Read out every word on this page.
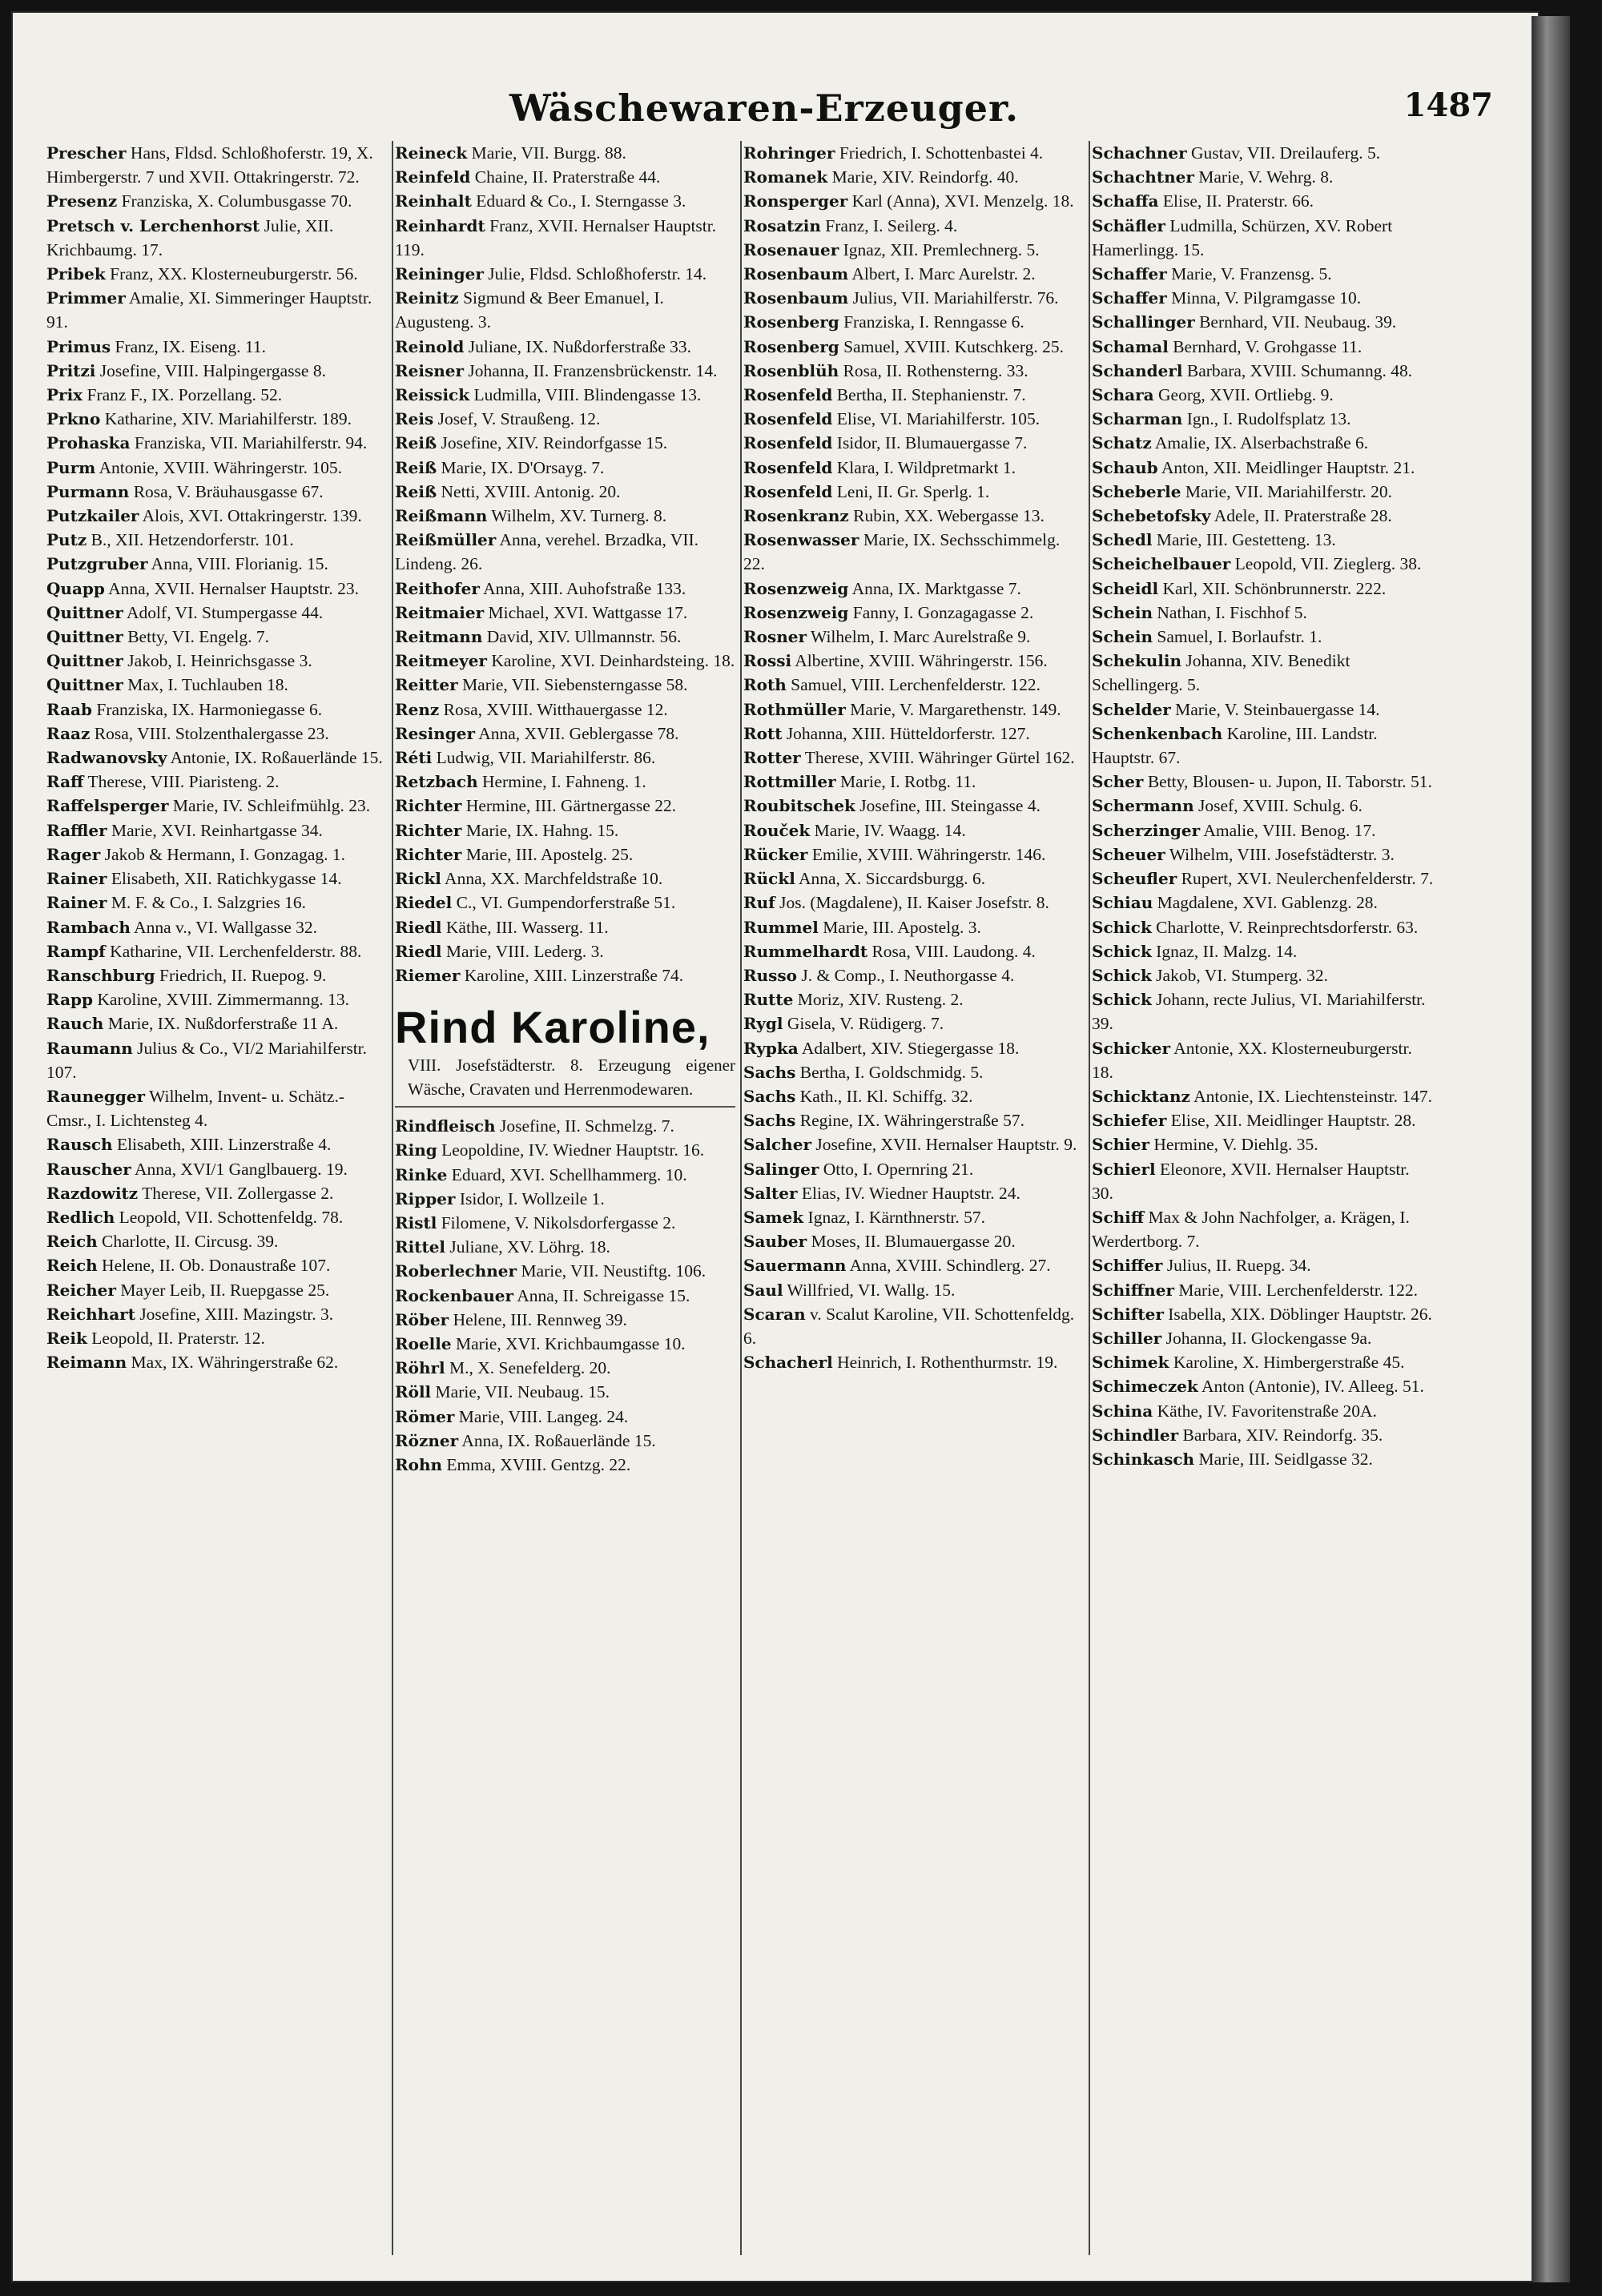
Wäschewaren-Erzeuger.	1487

Prescher Hans, Fldsd. Schloßhoferstr. 19, X. Himbergerstr. 7 und XVII. Ottakringerstr. 72.

Presenz Franziska, X. Columbusgasse 70.

Pretsch v. Lerchenhorst Julie, XII. Krichbaumg. 17.

Pribek Franz, XX. Klosterneuburgerstr. 56.

Primmer Amalie, XI. Simmeringer Hauptstr. 91.

Primus Franz, IX. Eiseng. 11.

Pritzi Josefine, VIII. Halpingergasse 8.

Prix Franz F., IX. Porzellang. 52.

Prkno Katharine, XIV. Mariahilferstr. 189.

Prohaska Franziska, VII. Mariahilferstr. 94.

Purm Antonie, XVIII. Währingerstr. 105.

Purmann Rosa, V. Bräuhausgasse 67.

Putzkailer Alois, XVI. Ottakringerstr. 139.

Putz B., XII. Hetzendorferstr. 101.

Putzgruber Anna, VIII. Florianig. 15.

Quapp Anna, XVII. Hernalser Hauptstr. 23.

Quittner Adolf, VI. Stumpergasse 44.

Quittner Betty, VI. Engelg. 7.

Quittner Jakob, I. Heinrichsgasse 3.

Quittner Max, I. Tuchlauben 18.

Raab Franziska, IX. Harmoniegasse 6.

Raaz Rosa, VIII. Stolzenthalergasse 23.

Radwanovsky Antonie, IX. Roßauerlände 15.

Raff Therese, VIII. Piaristeng. 2.

Raffelsperger Marie, IV. Schleifmühlg. 23.

Raffler Marie, XVI. Reinhartgasse 34.

Rager Jakob & Hermann, I. Gonzagag. 1.

Rainer Elisabeth, XII. Ratichkygasse 14.

Rainer M. F. & Co., I. Salzgries 16.

Rambach Anna v., VI. Wallgasse 32.

Rampf Katharine, VII. Lerchenfelderstr. 88.

Ranschburg Friedrich, II. Ruepog. 9.

Rapp Karoline, XVIII. Zimmermanng. 13.

Rauch Marie, IX. Nußdorferstraße 11 A.

Raumann Julius & Co., VI/2 Mariahilferstr. 107.

Raunegger Wilhelm, Invent- u. Schätz.-Cmsr., I. Lichtensteg 4.

Rausch Elisabeth, XIII. Linzerstraße 4.

Rauscher Anna, XVI/1 Ganglbauerg. 19.

Razdowitz Therese, VII. Zollergasse 2.

Redlich Leopold, VII. Schottenfeldg. 78.

Reich Charlotte, II. Circusg. 39.

Reich Helene, II. Ob. Donaustraße 107.

Reicher Mayer Leib, II. Ruepgasse 25.

Reichhart Josefine, XIII. Mazingstr. 3.

Reik Leopold, II. Praterstr. 12.

Reimann Max, IX. Währingerstraße 62.

Reineck Marie, VII. Burgg. 88.

Reinfeld Chaine, II. Praterstraße 44.

Reinhalt Eduard & Co., I. Sterngasse 3.

Reinhardt Franz, XVII. Hernalser Hauptstr. 119.

Reininger Julie, Fldsd. Schloßhoferstr. 14.

Reinitz Sigmund & Beer Emanuel, I. Augusteng. 3.

Reinold Juliane, IX. Nußdorferstraße 33.

Reisner Johanna, II. Franzensbrückenstr. 14.

Reissick Ludmilla, VIII. Blindengasse 13.

Reis Josef, V. Straußeng. 12.

Reiß Josefine, XIV. Reindorfgasse 15.

Reiß Marie, IX. D'Orsayg. 7.

Reiß Netti, XVIII. Antonig. 20.

Reißmann Wilhelm, XV. Turnerg. 8.

Reißmüller Anna, verehel. Brzadka, VII. Lindeng. 26.

Reithofer Anna, XIII. Auhofstraße 133.

Reitmaier Michael, XVI. Wattgasse 17.

Reitmann David, XIV. Ullmannstr. 56.

Reitmeyer Karoline, XVI. Deinhardsteing. 18.

Reitter Marie, VII. Siebensterngasse 58.

Renz Rosa, XVIII. Witthauergasse 12.

Resinger Anna, XVII. Geblergasse 78.

Réti Ludwig, VII. Mariahilferstr. 86.

Retzbach Hermine, I. Fahneng. 1.

Richter Hermine, III. Gärtnergasse 22.

Richter Marie, IX. Hahng. 15.

Richter Marie, III. Apostelg. 25.

Rickl Anna, XX. Marchfeldstraße 10.

Riedel C., VI. Gumpendorferstraße 51.

Riedl Käthe, III. Wasserg. 11.

Riedl Marie, VIII. Lederg. 3.

Riemer Karoline, XIII. Linzerstraße 74.

Rind Karoline,
VIII. Josefstädterstr. 8. Erzeugung eigener Wäsche, Cravaten und Herrenmodewaren.

Rindfleisch Josefine, II. Schmelzg. 7.

Ring Leopoldine, IV. Wiedner Hauptstr. 16.

Rinke Eduard, XVI. Schellhammerg. 10.

Ripper Isidor, I. Wollzeile 1.

Ristl Filomene, V. Nikolsdorfergasse 2.

Rittel Juliane, XV. Löhrg. 18.

Roberlechner Marie, VII. Neustiftg. 106.

Rockenbauer Anna, II. Schreigasse 15.

Röber Helene, III. Rennweg 39.

Roelle Marie, XVI. Krichbaumgasse 10.

Röhrl M., X. Senefelderg. 20.

Röll Marie, VII. Neubaug. 15.

Römer Marie, VIII. Langeg. 24.

Rözner Anna, IX. Roßauerlände 15.

Rohn Emma, XVIII. Gentzg. 22.

Rohringer Friedrich, I. Schottenbastei 4.

Romanek Marie, XIV. Reindorfg. 40.

Ronsperger Karl (Anna), XVI. Menzelg. 18.

Rosatzin Franz, I. Seilerg. 4.

Rosenauer Ignaz, XII. Premlechnerg. 5.

Rosenbaum Albert, I. Marc Aurelstr. 2.

Rosenbaum Julius, VII. Mariahilferstr. 76.

Rosenberg Franziska, I. Renngasse 6.

Rosenberg Samuel, XVIII. Kutschkerg. 25.

Rosenblüh Rosa, II. Rothensterng. 33.

Rosenfeld Bertha, II. Stephanienstr. 7.

Rosenfeld Elise, VI. Mariahilferstr. 105.

Rosenfeld Isidor, II. Blumauergasse 7.

Rosenfeld Klara, I. Wildpretmarkt 1.

Rosenfeld Leni, II. Gr. Sperlg. 1.

Rosenkranz Rubin, XX. Webergasse 13.

Rosenwasser Marie, IX. Sechsschimmelg. 22.

Rosenzweig Anna, IX. Marktgasse 7.

Rosenzweig Fanny, I. Gonzagagasse 2.

Rosner Wilhelm, I. Marc Aurelstraße 9.

Rossi Albertine, XVIII. Währingerstr. 156.

Roth Samuel, VIII. Lerchenfelderstr. 122.

Rothmüller Marie, V. Margarethenstr. 149.

Rott Johanna, XIII. Hütteldorferstr. 127.

Rotter Therese, XVIII. Währinger Gürtel 162.

Rottmiller Marie, I. Rotbg. 11.

Roubitschek Josefine, III. Steingasse 4.

Rouček Marie, IV. Waagg. 14.

Rücker Emilie, XVIII. Währingerstr. 146.

Rückl Anna, X. Siccardsburgg. 6.

Ruf Jos. (Magdalene), II. Kaiser Josefstr. 8.

Rummel Marie, III. Apostelg. 3.

Rummelhardt Rosa, VIII. Laudong. 4.

Russo J. & Comp., I. Neuthorgasse 4.

Rutte Moriz, XIV. Rusteng. 2.

Rygl Gisela, V. Rüdigerg. 7.

Rypka Adalbert, XIV. Stiegergasse 18.

Sachs Bertha, I. Goldschmidg. 5.

Sachs Kath., II. Kl. Schiffg. 32.

Sachs Regine, IX. Währingerstraße 57.

Salcher Josefine, XVII. Hernalser Hauptstr. 9.

Salinger Otto, I. Opernring 21.

Salter Elias, IV. Wiedner Hauptstr. 24.

Samek Ignaz, I. Kärnthnerstr. 57.

Sauber Moses, II. Blumauergasse 20.

Sauermann Anna, XVIII. Schindlerg. 27.

Saul Willfried, VI. Wallg. 15.

Scaran v. Scalut Karoline, VII. Schottenfeldg. 6.

Schacherl Heinrich, I. Rothenthurmstr. 19.

Schachner Gustav, VII. Dreilauferg. 5.

Schachtner Marie, V. Wehrg. 8.

Schaffa Elise, II. Praterstr. 66.

Schäfler Ludmilla, Schürzen, XV. Robert Hamerlingg. 15.

Schaffer Marie, V. Franzensg. 5.

Schaffer Minna, V. Pilgramgasse 10.

Schallinger Bernhard, VII. Neubaug. 39.

Schamal Bernhard, V. Grohgasse 11.

Schanderl Barbara, XVIII. Schumanng. 48.

Schara Georg, XVII. Ortliebg. 9.

Scharman Ign., I. Rudolfsplatz 13.

Schatz Amalie, IX. Alserbachstraße 6.

Schaub Anton, XII. Meidlinger Hauptstr. 21.

Scheberle Marie, VII. Mariahilferstr. 20.

Schebetofsky Adele, II. Praterstraße 28.

Schedl Marie, III. Gestetteng. 13.

Scheichelbauer Leopold, VII. Zieglerg. 38.

Scheidl Karl, XII. Schönbrunnerstr. 222.

Schein Nathan, I. Fischhof 5.

Schein Samuel, I. Borlaufstr. 1.

Schekulin Johanna, XIV. Benedikt Schellingerg. 5.

Schelder Marie, V. Steinbauergasse 14.

Schenkenbach Karoline, III. Landstr. Hauptstr. 67.

Scher Betty, Blousen- u. Jupon, II. Taborstr. 51.

Schermann Josef, XVIII. Schulg. 6.

Scherzinger Amalie, VIII. Benog. 17.

Scheuer Wilhelm, VIII. Josefstädterstr. 3.

Scheufler Rupert, XVI. Neulerchenfelderstr. 7.

Schiau Magdalene, XVI. Gablenzg. 28.

Schick Charlotte, V. Reinprechtsdorferstr. 63.

Schick Ignaz, II. Malzg. 14.

Schick Jakob, VI. Stumperg. 32.

Schick Johann, recte Julius, VI. Mariahilferstr. 39.

Schicker Antonie, XX. Klosterneuburgerstr. 18.

Schicktanz Antonie, IX. Liechtensteinstr. 147.

Schiefer Elise, XII. Meidlinger Hauptstr. 28.

Schier Hermine, V. Diehlg. 35.

Schierl Eleonore, XVII. Hernalser Hauptstr. 30.

Schiff Max & John Nachfolger, a. Krägen, I. Werdertborg. 7.

Schiffer Julius, II. Ruepg. 34.

Schiffner Marie, VIII. Lerchenfelderstr. 122.

Schifter Isabella, XIX. Döblinger Hauptstr. 26.

Schiller Johanna, II. Glockengasse 9a.

Schimek Karoline, X. Himbergerstraße 45.

Schimeczek Anton (Antonie), IV. Alleeg. 51.

Schina Käthe, IV. Favoritenstraße 20A.

Schindler Barbara, XIV. Reindorfg. 35.

Schinkasch Marie, III. Seidlgasse 32.
